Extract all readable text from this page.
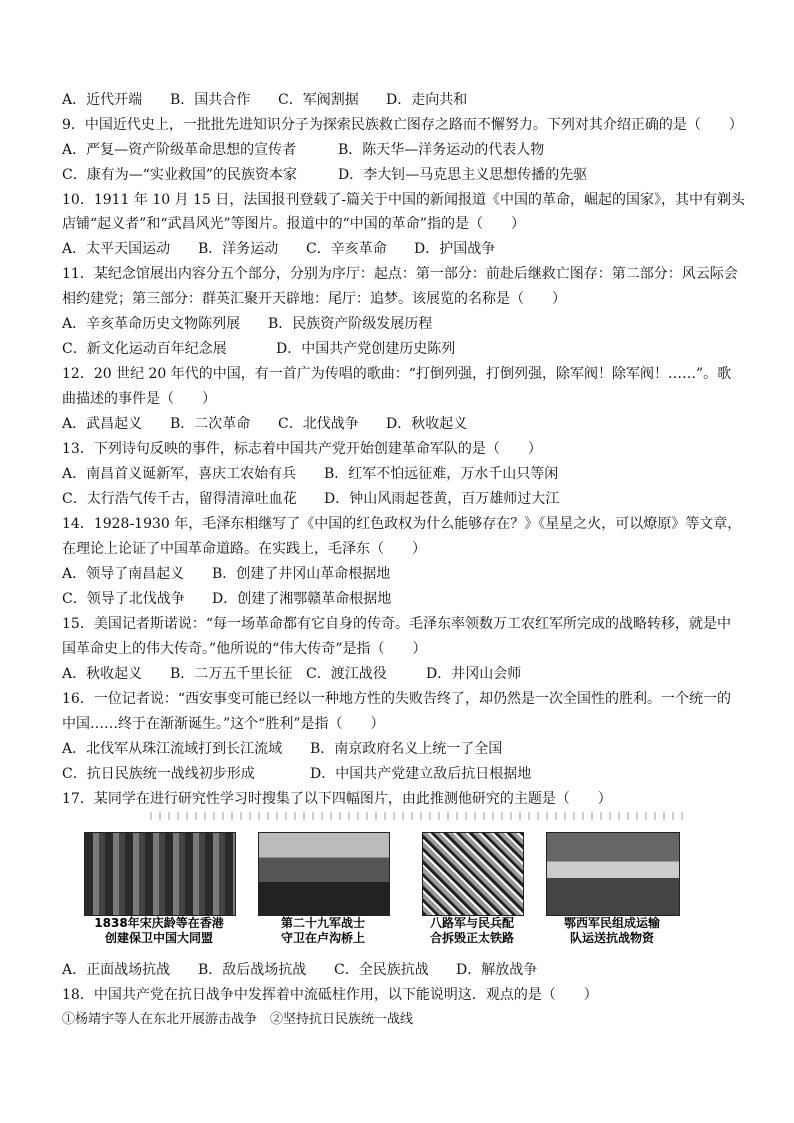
A．近代开端 B．国共合作 C．军阀割据 D．走向共和
9．中国近代史上，一批批先进知识分子为探索民族救亡图存之路而不懈努力。下列对其介绍正确的是（　　）
A．严复—资产阶级革命思想的宣传者	B．陈天华—洋务运动的代表人物
C．康有为—“实业救国”的民族资本家	D．李大钊—马克思主义思想传播的先驱
10．1911 年 10 月 15 日，法国报刊登载了-篇关于中国的新闻报道《中国的革命，崛起的国家》，其中有剃头
店铺“起义者”和“武昌风光”等图片。报道中的“中国的革命”指的是（　　）
A．太平天国运动 B．洋务运动 C．辛亥革命 D．护国战争
11．某纪念馆展出内容分五个部分，分别为序厅：起点：第一部分：前赴后继救亡图存：第二部分：风云际会
相约建党；第三部分：群英汇聚开天辟地：尾厅：追梦。该展览的名称是（　　）
A．辛亥革命历史文物陈列展 B．民族资产阶级发展历程
C．新文化运动百年纪念展	D．中国共产党创建历史陈列
12．20 世纪 20 年代的中国，有一首广为传唱的歌曲：“打倒列强，打倒列强，除军阀！除军阀！……”。歌
曲描述的事件是（　　）
A．武昌起义 B．二次革命 C．北伐战争 D．秋收起义
13．下列诗句反映的事件，标志着中国共产党开始创建革命军队的是（　　）
A．南昌首义诞新军，喜庆工农始有兵 B．红军不怕远征难，万水千山只等闲
C．太行浩气传千古，留得清漳吐血花 D．钟山风雨起苍黄，百万雄师过大江
14．1928-1930 年，毛泽东相继写了《中国的红色政权为什么能够存在？》《星星之火，可以燎原》等文章，
在理论上论证了中国革命道路。在实践上，毛泽东（　　）
A．领导了南昌起义 B．创建了井冈山革命根据地
C．领导了北伐战争 D．创建了湘鄂赣革命根据地
15．美国记者斯诺说：“每一场革命都有它自身的传奇。毛泽东率领数万工农红军所完成的战略转移，就是中
国革命史上的伟大传奇。”他所说的“伟大传奇”是指（　　）
A．秋收起义 B．二万五千里长征 C．渡江战役	D．井冈山会师
16．一位记者说：“西安事变可能已经以一种地方性的失败告终了，却仍然是一次全国性的胜利。一个统一的
中国……终于在渐渐诞生。”这个“胜利”是指（　　）
A．北伐军从珠江流域打到长江流域 B．南京政府名义上统一了全国
C．抗日民族统一战线初步形成	D．中国共产党建立敌后抗日根据地
17．某同学在进行研究性学习时搜集了以下四幅图片，由此推测他研究的主题是（　　）
1838年宋庆龄等在香港
创建保卫中国大同盟
第二十九军战士
守卫在卢沟桥上
八路军与民兵配
合拆毁正太铁路
鄂西军民组成运输
队运送抗战物资
A．正面战场抗战 B．敌后战场抗战 C．全民族抗战 D．解放战争
18．中国共产党在抗日战争中发挥着中流砥柱作用，以下能说明这．观点的是（　　）
①杨靖宇等人在东北开展游击战争　②坚持抗日民族统一战线
